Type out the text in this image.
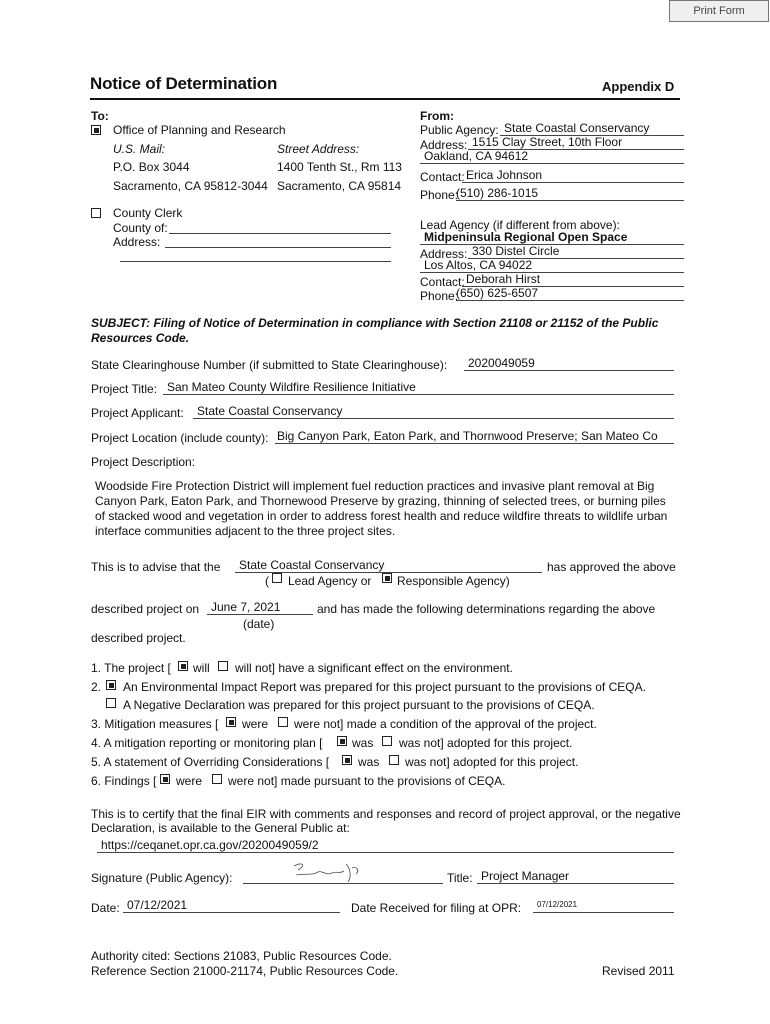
Print Form
Notice of Determination	Appendix D
To:
Office of Planning and Research
U.S. Mail:	Street Address:
P.O. Box 3044	1400 Tenth St., Rm 113
Sacramento, CA 95812-3044 Sacramento, CA 95814
County Clerk
County of:
Address:
From:
Public Agency: State Coastal Conservancy
Address: 1515 Clay Street, 10th Floor
Oakland, CA 94612
Contact: Erica Johnson
Phone:
(510) 286-1015
Lead Agency (if different from above):
Midpeninsula Regional Open Space
Address: 330 Distel Circle
Los Altos, CA 94022
Contact: Deborah Hirst
Phone:
(650) 625-6507
SUBJECT: Filing of Notice of Determination in compliance with Section 21108 or 21152 of the Public Resources Code.
State Clearinghouse Number (if submitted to State Clearinghouse):	2020049059
Project Title: San Mateo County Wildfire Resilience Initiative
Project Applicant:	State Coastal Conservancy
Project Location (include county): Big Canyon Park, Eaton Park, and Thornwood Preserve; San Mateo Co
Project Description:
Woodside Fire Protection District will implement fuel reduction practices and invasive plant removal at Big Canyon Park, Eaton Park, and Thornewood Preserve by grazing, thinning of selected trees, or burning piles of stacked wood and vegetation in order to address forest health and reduce wildfire threats to wildlife urban interface communities adjacent to the three project sites.
This is to advise that the	State Coastal Conservancy	has approved the above
( Lead Agency or Responsible Agency)
described project on June 7, 2021
(date)
and has made the following determinations regarding the above
described project.
1. The project [ will will not] have a significant effect on the environment.
2. An Environmental Impact Report was prepared for this project pursuant to the provisions of CEQA.
A Negative Declaration was prepared for this project pursuant to the provisions of CEQA.
3. Mitigation measures [ were were not] made a condition of the approval of the project.
4. A mitigation reporting or monitoring plan [ was was not] adopted for this project.
5. A statement of Overriding Considerations [ was was not] adopted for this project.
6. Findings [ were were not] made pursuant to the provisions of CEQA.
This is to certify that the final EIR with comments and responses and record of project approval, or the negative Declaration, is available to the General Public at:
https://ceqanet.opr.ca.gov/2020049059/2
Signature (Public Agency):	Title: Project Manager
Date: 07/12/2021	Date Received for filing at OPR:	07/12/2021
Authority cited: Sections 21083, Public Resources Code.
Reference Section 21000-21174, Public Resources Code.	Revised 2011
